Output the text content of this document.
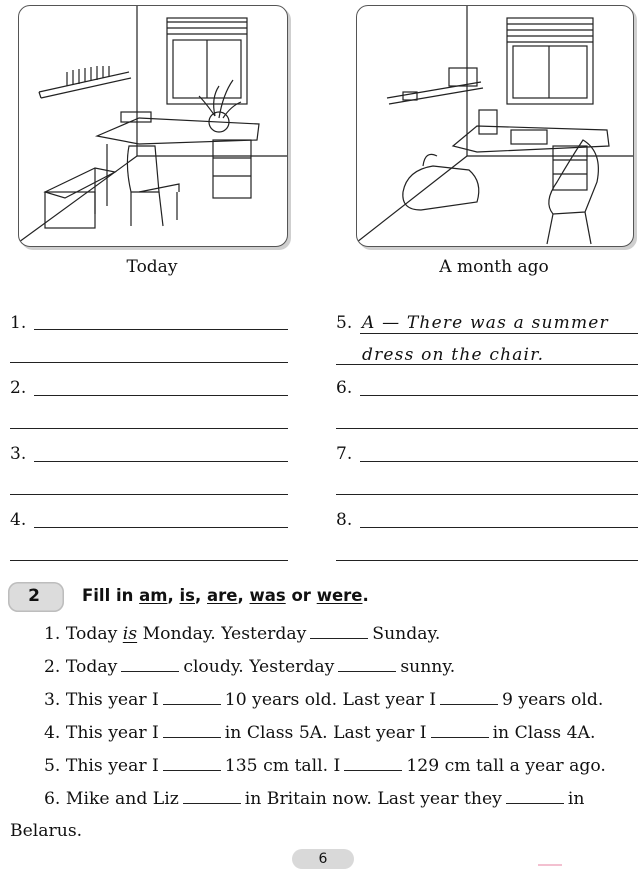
Today	A month ago
1.
2.
3.
4.
5. A — There was a summer
dress on the chair.
6.
7.
8.
2	Fill in am, is, are, was or were.
1. Today is Monday. Yesterday	Sunday.
2. Today	cloudy. Yesterday	sunny.
3. This year I	10 years old. Last year I	9 years old.
4. This year I	in Class 5A. Last year I	in Class 4A.
5. This year I	135 cm tall. I	129 cm tall a year ago.
6. Mike and Liz	in Britain now. Last year they	in
Belarus.
6
